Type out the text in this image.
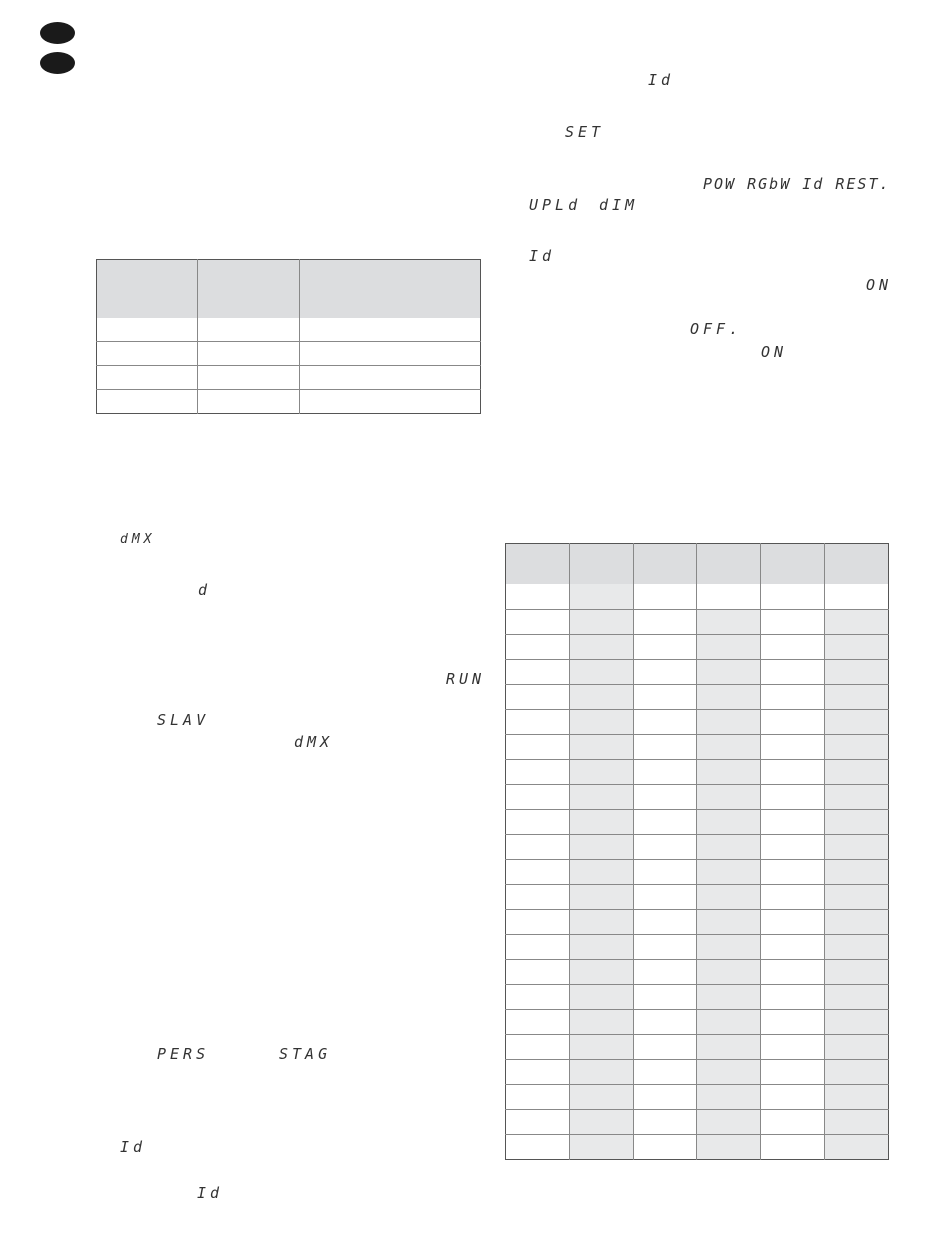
Id
SET
POW RGbW Id REST.
UPLd dIM
Id
ON
OFF.
ON
dMX
d
RUN
SLAV
dMX
PERS	STAG
Id
Id
